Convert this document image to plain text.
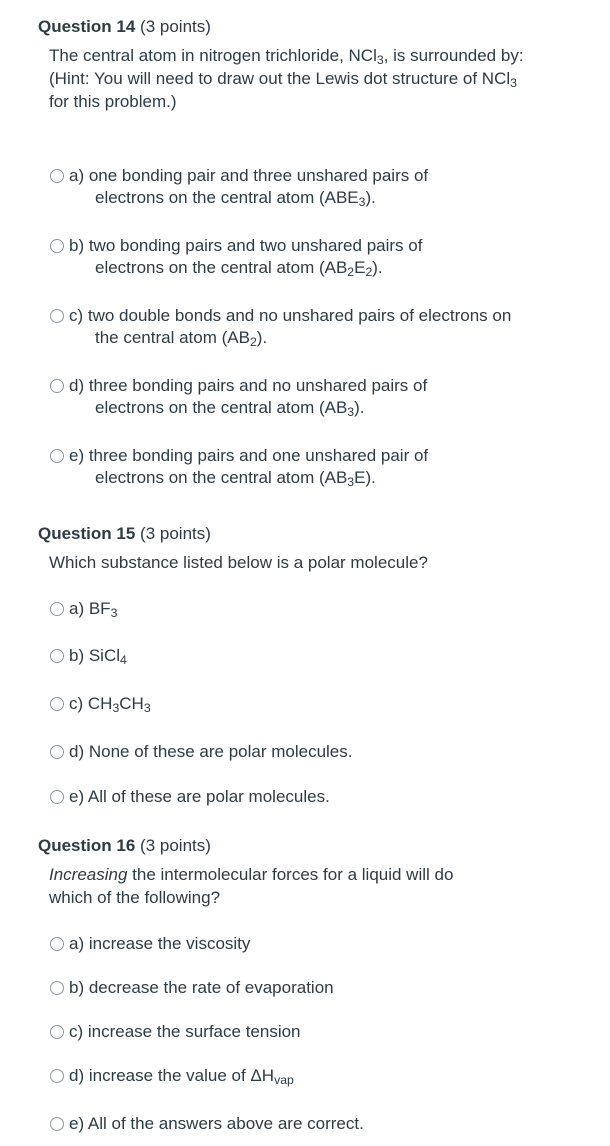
Question 14 (3 points)

The central atom in nitrogen trichloride, NCl$_3$, is surrounded by:

(Hint: You will need to draw out the Lewis dot structure of NCl$_3$ for this problem.)

a) one bonding pair and three unshared pairs of electrons on the central atom $(ABE_3)$.
b) two bonding pairs and two unshared pairs of electrons on the central atom $(AB_2E_2)$.
c) two double bonds and no unshared pairs of electrons on the central atom $(AB_2)$.
d) three bonding pairs and no unshared pairs of electrons on the central atom $(AB_3)$.
e) three bonding pairs and one unshared pair of electrons on the central atom $(AB_3E)$.
Question 15 (3 points)

Which substance listed below is a polar molecule?

a) $BF_3$
b) SiCl$_4$
c) $CH_3CH_3$
d) None of these are polar molecules.
e) All of these are polar molecules.
Question 16 (3 points)

Increasing the intermolecular forces for a liquid will do which of the following?

a) increase the viscosity
b) decrease the rate of evaporation
c) increase the surface tension
d) increase the value of $\Delta H_{vap}$
e) All of the answers above are correct.
